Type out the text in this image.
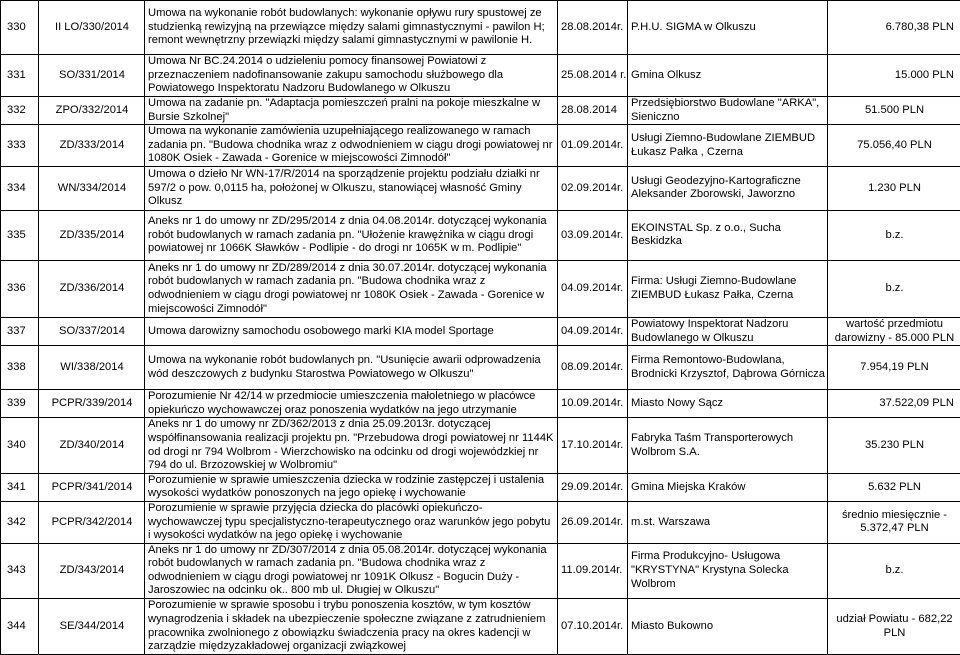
330	II LO/330/2014	Umowa na wykonanie robót budowlanych: wykonanie opływu rury spustowej ze studzienką rewizyjną na przewiązce między salami gimnastycznymi - pawilon H; remont wewnętrzny przewiązki między salami gimnastycznymi w pawilonie H.	28.08.2014r.	P.H.U. SIGMA w Olkuszu	6.780,38 PLN
331	SO/331/2014	Umowa Nr BC.24.2014 o udzieleniu pomocy finansowej Powiatowi z przeznaczeniem nadofinansowanie zakupu samochodu służbowego dla Powiatowego Inspektoratu Nadzoru Budowlanego w Olkuszu	25.08.2014 r.	Gmina Olkusz	15.000 PLN
332	ZPO/332/2014	Umowa na zadanie pn. "Adaptacja pomieszczeń pralni na pokoje mieszkalne w Bursie Szkolnej"	28.08.2014	Przedsiębiorstwo Budowlane "ARKA", Sieniczno	51.500 PLN
333	ZD/333/2014	Umowa na wykonanie zamówienia uzupełniającego realizowanego w ramach zadania pn. "Budowa chodnika wraz z odwodnieniem w ciągu drogi powiatowej nr 1080K Osiek - Zawada - Gorenice w miejscowości Zimnodół"	01.09.2014r.	Usługi Ziemno-Budowlane ZIEMBUD Łukasz Pałka , Czerna	75.056,40 PLN
334	WN/334/2014	Umowa o dzieło Nr WN-17/R/2014 na sporządzenie projektu podziału działki nr 597/2 o pow. 0,0115 ha, położonej w Olkuszu, stanowiącej własność Gminy Olkusz	02.09.2014r.	Usługi Geodezyjno-Kartograficzne Aleksander Zborowski, Jaworzno	1.230 PLN
335	ZD/335/2014	Aneks nr 1 do umowy nr ZD/295/2014 z dnia 04.08.2014r. dotyczącej wykonania robót budowlanych w ramach zadania pn. "Ułożenie krawężnika w ciągu drogi powiatowej nr 1066K Sławków - Podlipie - do drogi nr 1065K w m. Podlipie"	03.09.2014r.	EKOINSTAL Sp. z o.o., Sucha Beskidzka	b.z.
336	ZD/336/2014	Aneks nr 1 do umowy nr ZD/289/2014 z dnia 30.07.2014r. dotyczącej wykonania robót budowlanych w ramach zadania pn. "Budowa chodnika wraz z odwodnieniem w ciągu drogi powiatowej nr 1080K Osiek - Zawada - Gorenice w miejscowości Zimnodół"	04.09.2014r.	Firma: Usługi Ziemno-Budowlane ZIEMBUD Łukasz Pałka, Czerna	b.z.
337	SO/337/2014	Umowa darowizny samochodu osobowego marki KIA model Sportage	04.09.2014r.	Powiatowy Inspektorat Nadzoru Budowlanego w Olkuszu	wartość przedmiotu darowizny - 85.000 PLN
338	WI/338/2014	Umowa na wykonanie robót budowlanych pn. "Usunięcie awarii odprowadzenia wód deszczowych z budynku Starostwa Powiatowego w Olkuszu"	08.09.2014r.	Firma Remontowo-Budowlana, Brodnicki Krzysztof, Dąbrowa Górnicza	7.954,19 PLN
339	PCPR/339/2014	Porozumienie Nr 42/14 w przedmiocie umieszczenia małoletniego w placówce opiekuńczo wychowawczej oraz ponoszenia wydatków na jego utrzymanie	10.09.2014r.	Miasto Nowy Sącz	37.522,09 PLN
340	ZD/340/2014	Aneks nr 1 do umowy nr ZD/362/2013 z dnia 25.09.2013r. dotyczącej współfinansowania realizacji projektu pn. "Przebudowa drogi powiatowej nr 1144K od drogi nr 794 Wolbrom - Wierzchowisko na odcinku od drogi wojewódzkiej nr 794 do ul. Brzozowskiej w Wolbromiu"	17.10.2014r.	Fabryka Taśm Transporterowych Wolbrom S.A.	35.230 PLN
341	PCPR/341/2014	Porozumienie w sprawie umieszczenia dziecka w rodzinie zastępczej i ustalenia wysokości wydatków ponoszonych na jego opiekę i wychowanie	29.09.2014r.	Gmina Miejska Kraków	5.632 PLN
342	PCPR/342/2014	Porozumienie w sprawie przyjęcia dziecka do placówki opiekuńczo-wychowawczej typu specjalistyczno-terapeutycznego oraz warunków jego pobytu i wysokości wydatków na jego opiekę i wychowanie	26.09.2014r.	m.st. Warszawa	średnio miesięcznie - 5.372,47 PLN
343	ZD/343/2014	Aneks nr 1 do umowy nr ZD/307/2014 z dnia 05.08.2014r. dotyczącej wykonania robót budowlanych w ramach zadania pn. "Budowa chodnika wraz z odwodnieniem w ciągu drogi powiatowej nr 1091K Olkusz - Bogucin Duży - Jaroszowiec na odcinku ok.. 800 mb ul. Długiej w Olkuszu"	11.09.2014r.	Firma Produkcyjno- Usługowa "KRYSTYNA" Krystyna Solecka Wolbrom	b.z.
344	SE/344/2014	Porozumienie w sprawie sposobu i trybu ponoszenia kosztów, w tym kosztów wynagrodzenia i składek na ubezpieczenie społeczne związane z zatrudnieniem pracownika zwolnionego z obowiązku świadczenia pracy na okres kadencji w zarządzie międzyzakładowej organizacji związkowej	07.10.2014r.	Miasto Bukowno	udział Powiatu - 682,22 PLN
